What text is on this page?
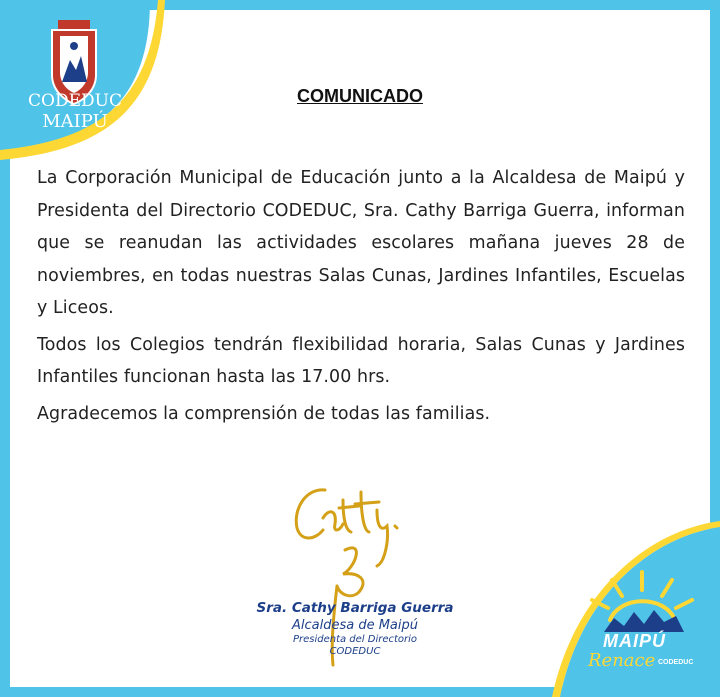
CODEDUC
MAIPÚ
COMUNICADO

La Corporación Municipal de Educación junto a la Alcaldesa de Maipú y Presidenta del Directorio CODEDUC, Sra. Cathy Barriga Guerra, informan que se reanudan las actividades escolares mañana jueves 28 de noviembres, en todas nuestras Salas Cunas, Jardines Infantiles, Escuelas y Liceos.

Todos los Colegios tendrán flexibilidad horaria, Salas Cunas y Jardines Infantiles funcionan hasta las 17.00 hrs.

Agradecemos la comprensión de todas las familias.

Sra. Cathy Barriga Guerra
Alcaldesa de Maipú
Presidenta del Directorio
CODEDUC
MAIPÚ
Renace CODEDUC
